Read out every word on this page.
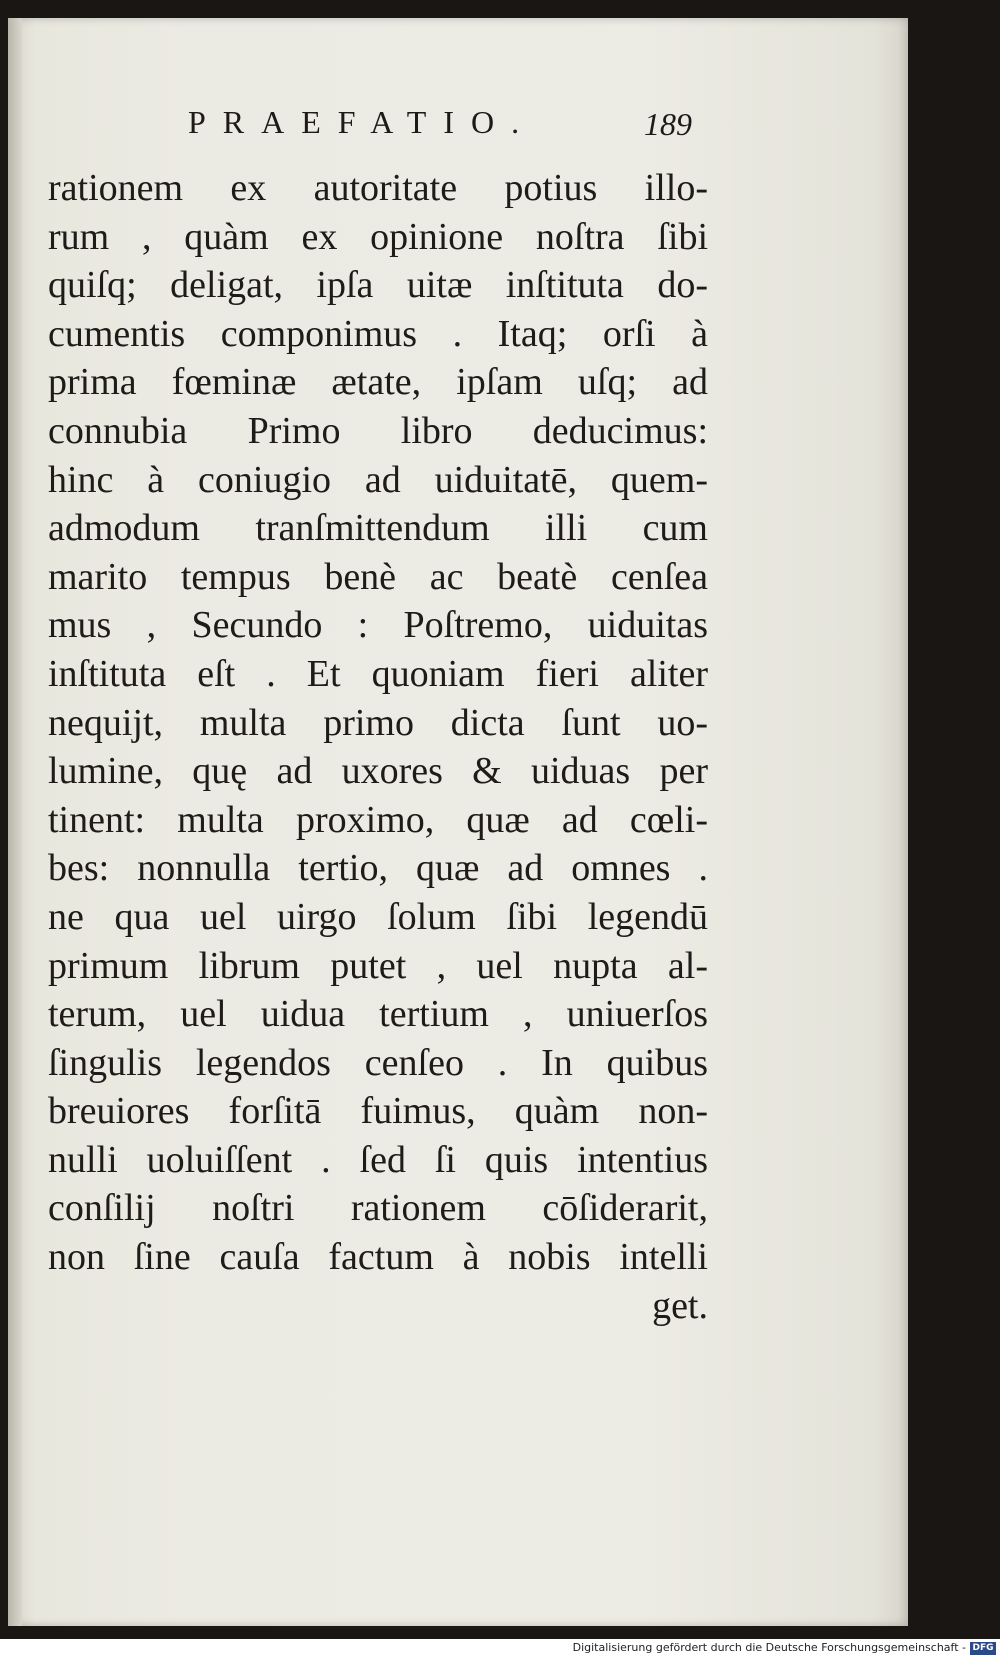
PRAEFATIO.	189
rationem ex autoritate potius illo-
rum , quàm ex opinione noſtra ſibi
quiſq; deligat, ipſa uitæ inſtituta do-
cumentis componimus . Itaq; orſi à
prima fœminæ ætate, ipſam uſq; ad
connubia Primo libro deducimus:
hinc à coniugio ad uiduitatē, quem-
admodum tranſmittendum illi cum
marito tempus benè ac beatè cenſea
mus , Secundo : Poſtremo, uiduitas
inſtituta eſt . Et quoniam fieri aliter
nequijt, multa primo dicta ſunt uo-
lumine, quę ad uxores & uiduas per
tinent: multa proximo, quæ ad cœli-
bes: nonnulla tertio, quæ ad omnes .
ne qua uel uirgo ſolum ſibi legendū
primum librum putet , uel nupta al-
terum, uel uidua tertium , uniuerſos
ſingulis legendos cenſeo . In quibus
breuiores forſitā fuimus, quàm non-
nulli uoluiſſent . ſed ſi quis intentius
conſilij noſtri rationem cōſiderarit,
non ſine cauſa factum à nobis intelli
get.
Digitalisierung gefördert durch die Deutsche Forschungsgemeinschaft - DFG
